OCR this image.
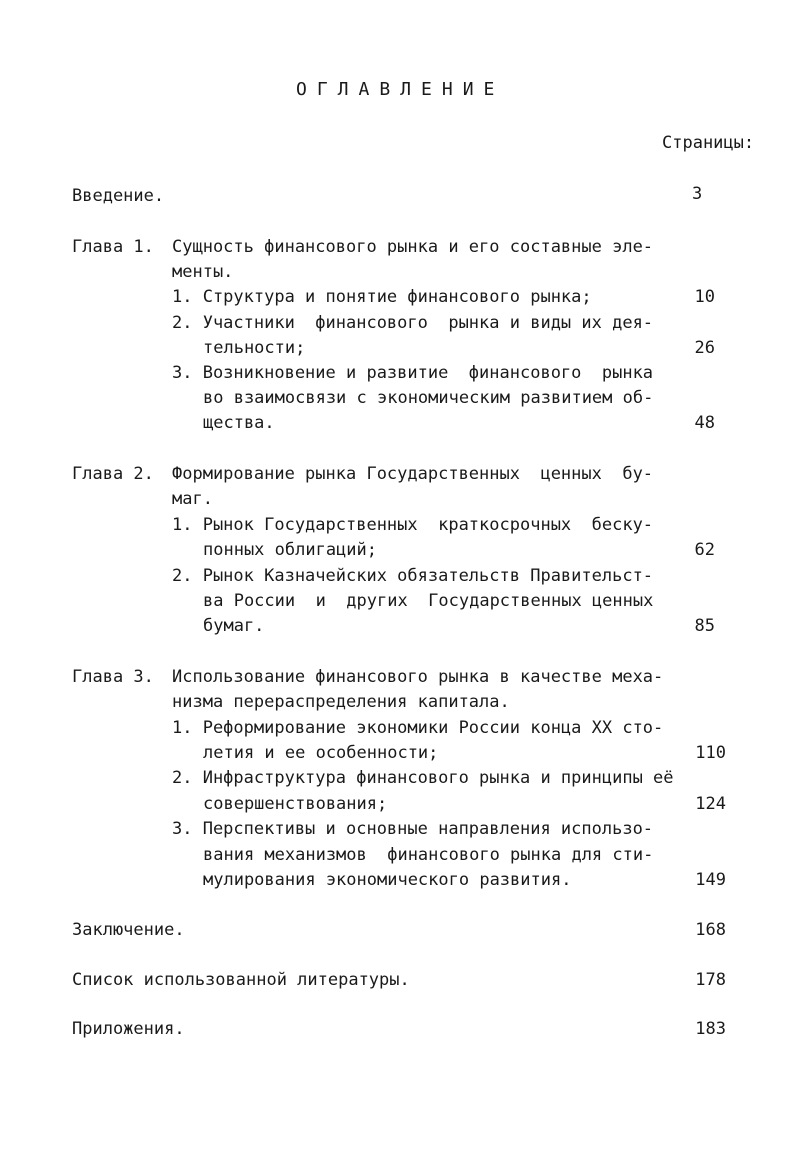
ОГЛАВЛЕНИЕ
Страницы:
Введение.	3
Глава 1. Сущность финансового рынка и его составные эле-
менты.
1. Структура и понятие финансового рынка;	10
2. Участники  финансового  рынка и виды их дея-
тельности;	26
3. Возникновение и развитие  финансового  рынка
во взаимосвязи с экономическим развитием об-
щества.	48
Глава 2. Формирование рынка Государственных  ценных  бу-
маг.
1. Рынок Государственных  краткосрочных  беску-
понных облигаций;	62
2. Рынок Казначейских обязательств Правительст-
ва России  и  других  Государственных ценных
бумаг.	85
Глава 3. Использование финансового рынка в качестве меха-
низма перераспределения капитала.
1. Реформирование экономики России конца XX сто-
летия и ее особенности;	110
2. Инфраструктура финансового рынка и принципы её
совершенствования;	124
3. Перспективы и основные направления использо-
вания механизмов  финансового рынка для сти-
мулирования экономического развития.	149
Заключение.	168
Список использованной литературы.	178
Приложения.	183
